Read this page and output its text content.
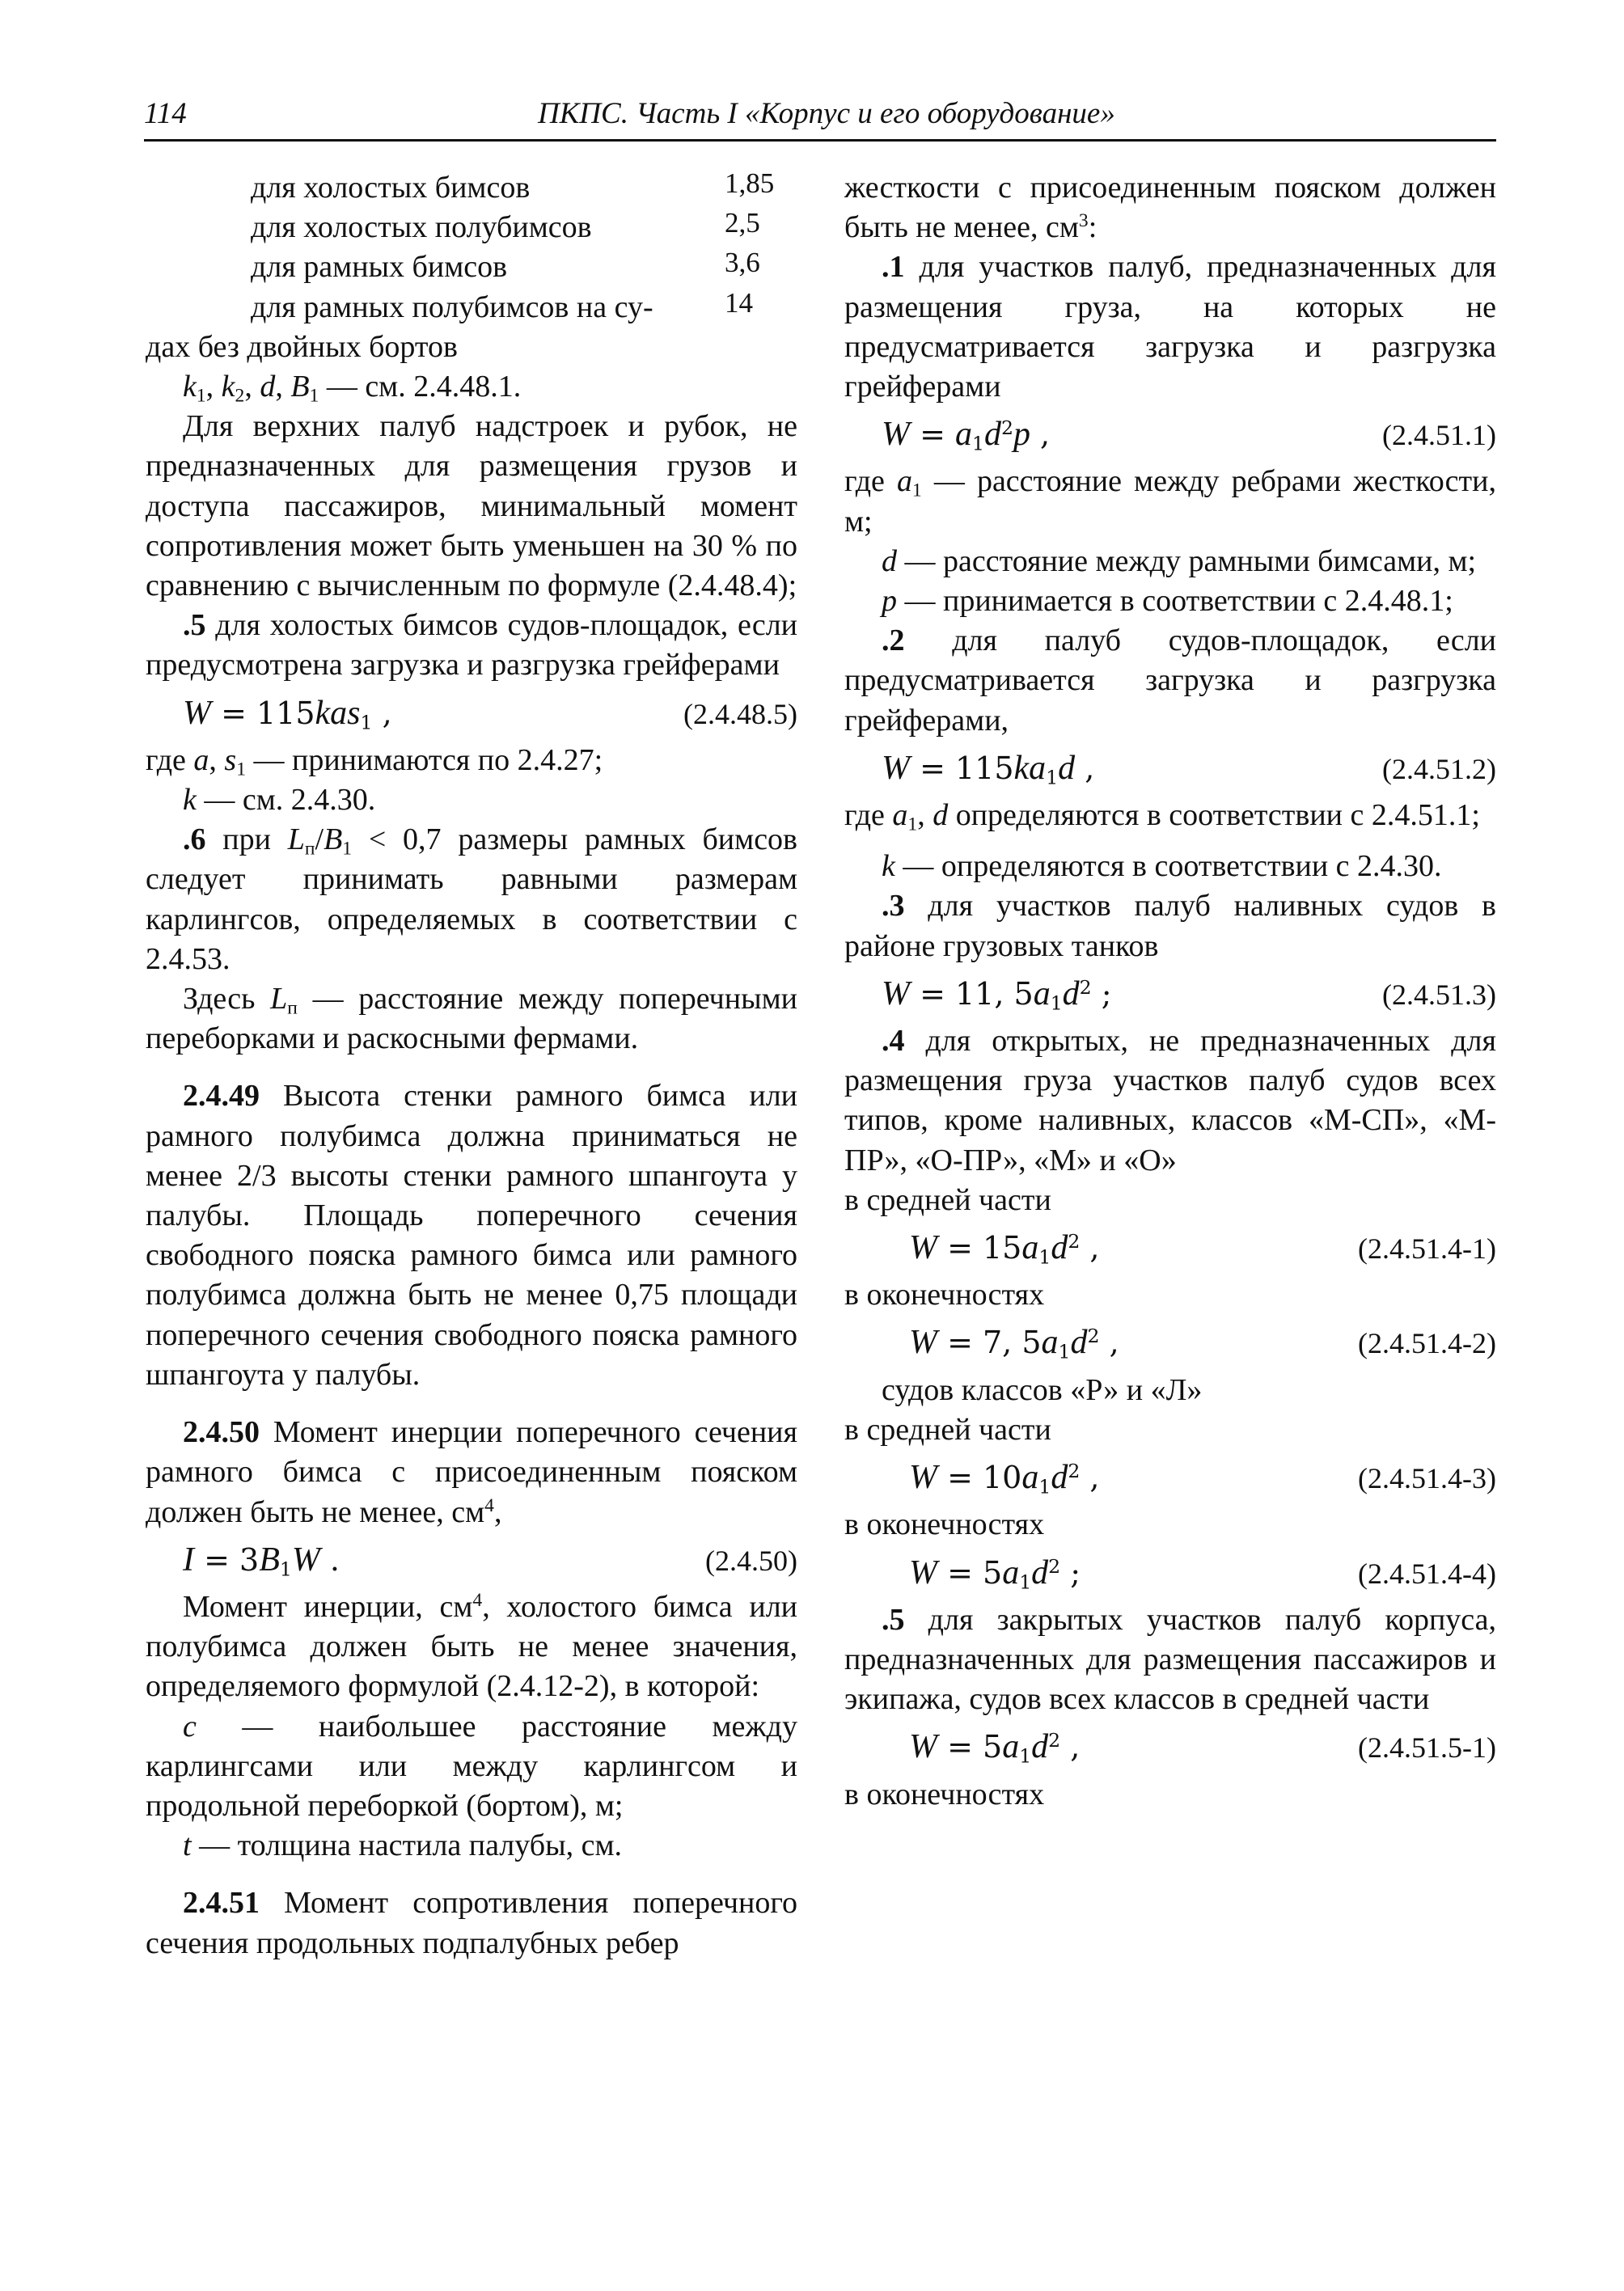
114	ПКПС. Часть I «Корпус и его оборудование»
для холостых бимсов	1,85
для холостых полубимсов	2,5
для рамных бимсов	3,6
для рамных полубимсов на су-	14
дах без двойных бортов
$k_1$, $k_2$, d, $B_1$ — см. 2.4.48.1.
Для верхних палуб надстроек и рубок, не предназначенных для размещения грузов и доступа пассажиров, минимальный момент сопротивления может быть уменьшен на 30 % по сравнению с вычисленным по формуле (2.4.48.4);
.5 для холостых бимсов судов-площадок, если предусмотрена загрузка и разгрузка грейферами
W = 115kas$_1$ ,	(2.4.48.5)
где a, $s_1$ — принимаются по 2.4.27;
k — см. 2.4.30.
.6 при $L_п/B_1 < 0,7$ размеры рамных бимсов следует принимать равными размерам карлингсов, определяемых в соответствии с 2.4.53.
Здесь $L_п$ — расстояние между поперечными переборками и раскосными фермами.
2.4.49 Высота стенки рамного бимса или рамного полубимса должна приниматься не менее 2/3 высоты стенки рамного шпангоута у палубы. Площадь поперечного сечения свободного пояска рамного бимса или рамного полубимса должна быть не менее 0,75 площади поперечного сечения свободного пояска рамного шпангоута у палубы.
2.4.50 Момент инерции поперечного сечения рамного бимса с присоединенным пояском должен быть не менее, $см^4$,
$I = 3B_1W$ .	(2.4.50)
Момент инерции, $см^4$, холостого бимса или полубимса должен быть не менее значения, определяемого формулой (2.4.12-2), в которой:
c — наибольшее расстояние между карлингсами или между карлингсом и продольной переборкой (бортом), м;
t — толщина настила палубы, см.
2.4.51 Момент сопротивления поперечного сечения продольных подпалубных ребер
жесткости с присоединенным пояском должен быть не менее, $см^3$:
.1 для участков палуб, предназначенных для размещения груза, на которых не предусматривается загрузка и разгрузка грейферами
$W = a_1d^2p$ ,	(2.4.51.1)
где $a_1$ — расстояние между ребрами жесткости, м;
d — расстояние между рамными бимсами, м;
p — принимается в соответствии с 2.4.48.1;
.2 для палуб судов-площадок, если предусматривается загрузка и разгрузка грейферами,
$W = 115ka_1d$ ,	(2.4.51.2)
где $a_1$, d определяются в соответствии с 2.4.51.1;
k — определяются в соответствии с 2.4.30.
.3 для участков палуб наливных судов в районе грузовых танков
W = 11, $5a_1d^2$ ;	(2.4.51.3)
.4 для открытых, не предназначенных для размещения груза участков палуб судов всех типов, кроме наливных, классов «М-СП», «М-ПР», «О-ПР», «М» и «О»
в средней части
$W = 15a_1d^2$ ,	(2.4.51.4-1)
в оконечностях
W = 7, $5a_1d^2$ ,	(2.4.51.4-2)
судов классов «Р» и «Л»
в средней части
$W = 10a_1d^2$ ,	(2.4.51.4-3)
в оконечностях
$W = 5a_1d^2$ ;	(2.4.51.4-4)
.5 для закрытых участков палуб корпуса, предназначенных для размещения пассажиров и экипажа, судов всех классов в средней части
$W = 5a_1d^2$ ,	(2.4.51.5-1)
в оконечностях
